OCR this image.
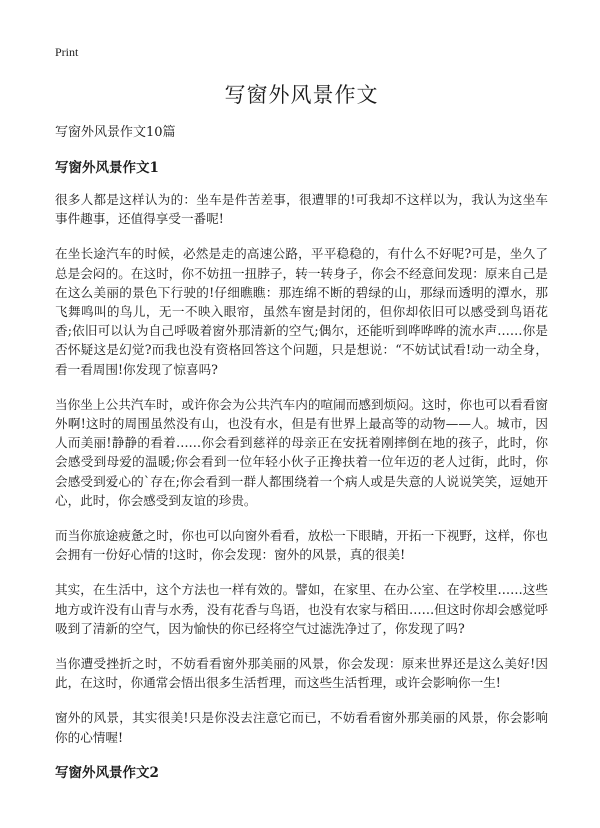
Print
写窗外风景作文
写窗外风景作文10篇
写窗外风景作文1

很多人都是这样认为的：坐车是件苦差事，很遭罪的!可我却不这样以为，我认为这坐车事件趣事，还值得享受一番呢!

在坐长途汽车的时候，必然是走的高速公路，平平稳稳的，有什么不好呢?可是，坐久了总是会闷的。在这时，你不妨扭一扭脖子，转一转身子，你会不经意间发现：原来自己是在这么美丽的景色下行驶的!仔细瞧瞧：那连绵不断的碧绿的山，那绿而透明的潭水，那飞舞鸣叫的鸟儿，无一不映入眼帘，虽然车窗是封闭的，但你却依旧可以感受到鸟语花香;依旧可以认为自己呼吸着窗外那清新的空气;偶尔，还能听到哗哗哗的流水声……你是否怀疑这是幻觉?而我也没有资格回答这个问题，只是想说：“不妨试试看!动一动全身，看一看周围!你发现了惊喜吗?

当你坐上公共汽车时，或许你会为公共汽车内的喧闹而感到烦闷。这时，你也可以看看窗外啊!这时的周围虽然没有山，也没有水，但是有世界上最高等的动物——人。城市，因人而美丽!静静的看着……你会看到慈祥的母亲正在安抚着刚摔倒在地的孩子，此时，你会感受到母爱的温暖;你会看到一位年轻小伙子正搀扶着一位年迈的老人过街，此时，你会感受到爱心的`存在;你会看到一群人都围绕着一个病人或是失意的人说说笑笑，逗她开心，此时，你会感受到友谊的珍贵。

而当你旅途疲惫之时，你也可以向窗外看看，放松一下眼睛，开拓一下视野，这样，你也会拥有一份好心情的!这时，你会发现：窗外的风景，真的很美!

其实，在生活中，这个方法也一样有效的。譬如，在家里、在办公室、在学校里……这些地方或许没有山青与水秀，没有花香与鸟语，也没有农家与稻田……但这时你却会感觉呼吸到了清新的空气，因为愉快的你已经将空气过滤洗净过了，你发现了吗?

当你遭受挫折之时，不妨看看窗外那美丽的风景，你会发现：原来世界还是这么美好!因此，在这时，你通常会悟出很多生活哲理，而这些生活哲理，或许会影响你一生!

窗外的风景，其实很美!只是你没去注意它而已，不妨看看窗外那美丽的风景，你会影响你的心情喔!

写窗外风景作文2
